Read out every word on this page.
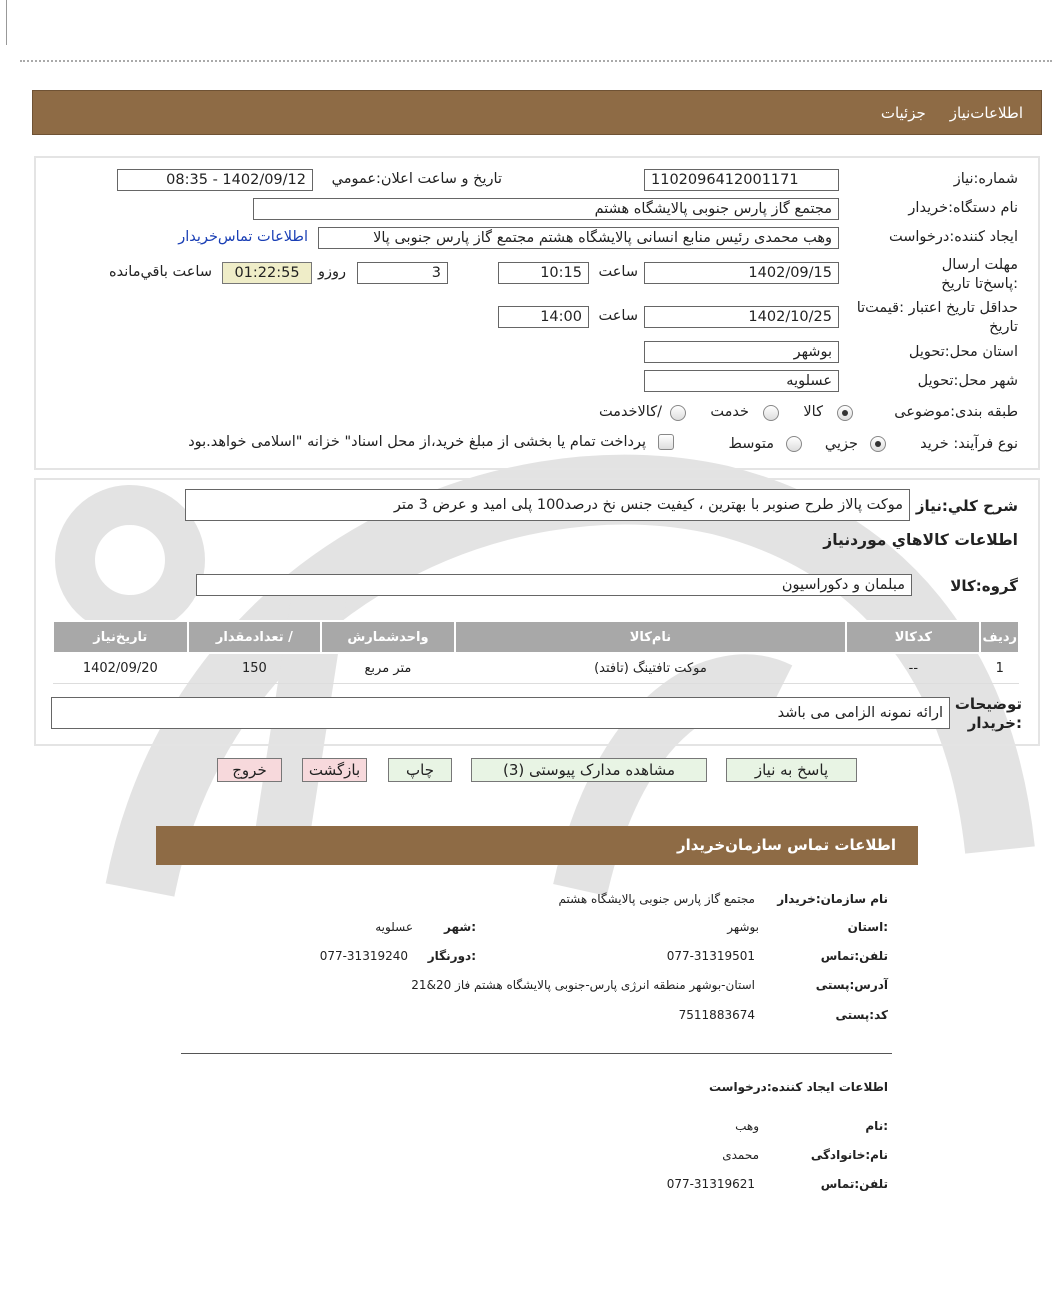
اطلاعات‌نياز
جزئيات
شماره:نیاز
1102096412001171
تاريخ و ساعت اعلان:عمومي
1402/09/12 - 08:35
نام دستگاه:خريدار
مجتمع گاز پارس جنوبی پالایشگاه هشتم
ايجاد کننده:درخواست
وهب محمدی رئیس منابع انسانی پالایشگاه هشتم مجتمع گاز پارس جنوبی پالا
اطلاعات تماس‌خريدار
مهلت ارسال :پاسخ‌تا تاريخ
1402/09/15
ساعت
10:15
3
روزو
01:22:55
ساعت باقي‌مانده
حداقل تاريخ اعتبار :قيمت‌تا تاريخ
1402/10/25
ساعت
14:00
استان محل:تحويل
بوشهر
شهر محل:تحويل
عسلويه
طبقه بندی:موضوعی
کالا
خدمت
/کالاخدمت
نوع فرآيند: خريد
جزيي
متوسط
پرداخت تمام يا بخشی از مبلغ خريد،از محل اسناد" خزانه "اسلامی خواهد.بود
شرح کلي:نياز
موکت پالاز طرح صنوبر با بهترین ، کیفیت جنس نخ درصد100 پلی امید و عرض 3 متر
اطلاعات کالاهاي موردنياز
گروه:کالا
مبلمان و دکوراسیون
رديف	کدکالا	نام‌کالا	واحدشمارش	/ تعدادمقدار	تاريخ‌نياز
1	--	موکت تافتینگ (تافتد)	متر مربع	150	1402/09/20
توضيحات :خريدار
ارائه نمونه الزامی می باشد
پاسخ به نياز
مشاهده مدارک پيوستی (3)
چاپ
بازگشت
خروج
اطلاعات تماس سازمان‌خريدار
نام سازمان:خریدار
مجتمع گاز پارس جنوبی پالایشگاه هشتم
:استان
بوشهر
:شهر
عسلویه
تلفن:تماس
077-31319501
:دورنگار
077-31319240
آدرس:پستی
استان-بوشهر منطقه انرژی پارس-جنوبی پالایشگاه هشتم فاز 20&21
کد:پستی
7511883674
اطلاعات ایجاد کننده:درخواست
:نام
وهب
نام:خانوادگی
محمدی
تلفن:تماس
077-31319621
